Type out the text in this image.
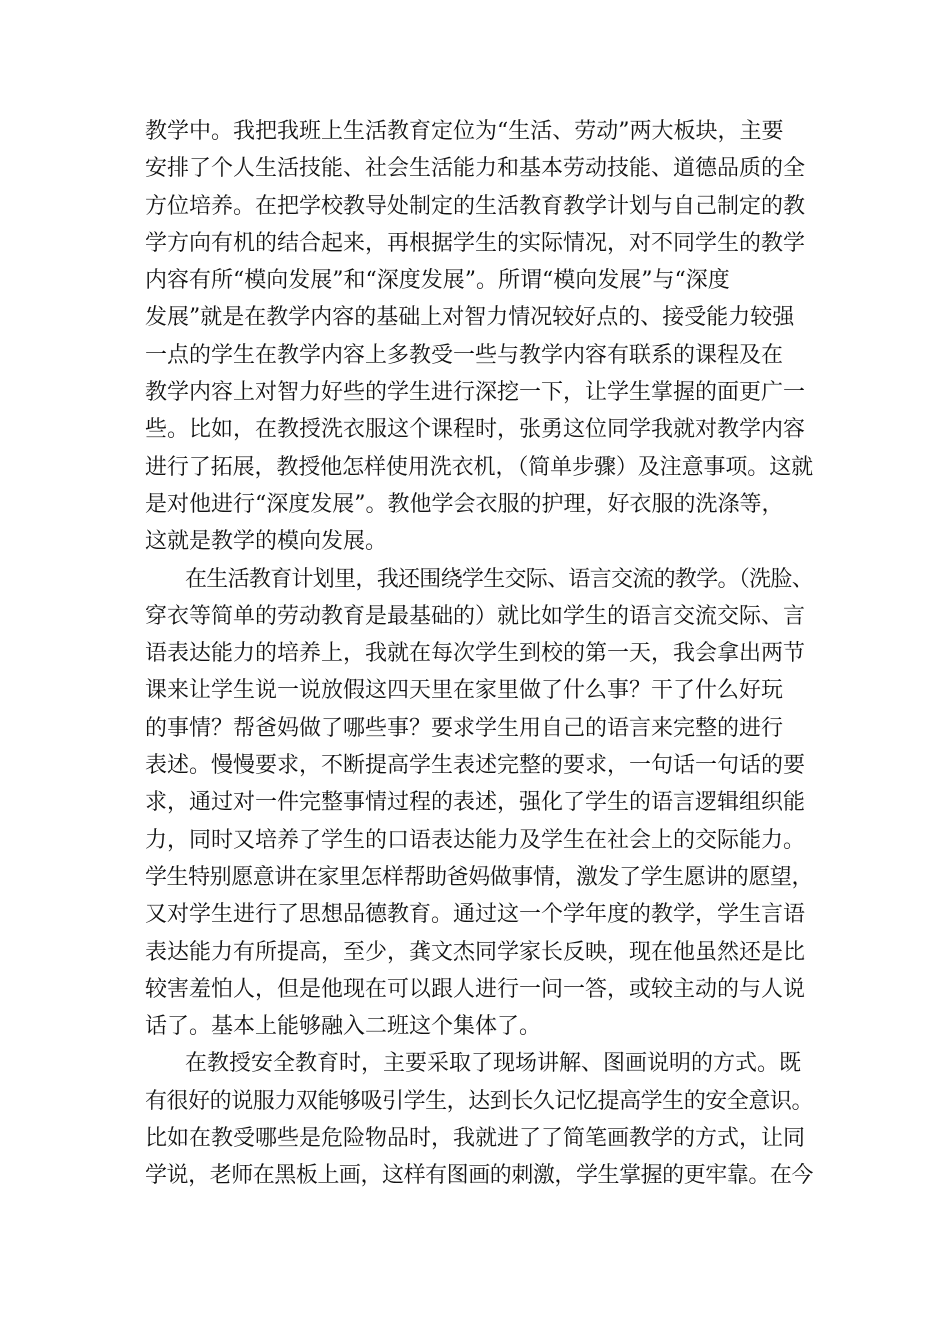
教学中。我把我班上生活教育定位为“生活、劳动”两大板块，主要
安排了个人生活技能、社会生活能力和基本劳动技能、道德品质的全
方位培养。在把学校教导处制定的生活教育教学计划与自己制定的教
学方向有机的结合起来，再根据学生的实际情况，对不同学生的教学
内容有所“模向发展”和“深度发展”。所谓“模向发展”与“深度
发展”就是在教学内容的基础上对智力情况较好点的、接受能力较强
一点的学生在教学内容上多教受一些与教学内容有联系的课程及在
教学内容上对智力好些的学生进行深挖一下，让学生掌握的面更广一
些。比如，在教授洗衣服这个课程时，张勇这位同学我就对教学内容
进行了拓展，教授他怎样使用洗衣机，（简单步骤）及注意事项。这就
是对他进行“深度发展”。教他学会衣服的护理，好衣服的洗涤等，
这就是教学的模向发展。
在生活教育计划里，我还围绕学生交际、语言交流的教学。（洗脸、
穿衣等简单的劳动教育是最基础的）就比如学生的语言交流交际、言
语表达能力的培养上，我就在每次学生到校的第一天，我会拿出两节
课来让学生说一说放假这四天里在家里做了什么事？干了什么好玩
的事情？帮爸妈做了哪些事？要求学生用自己的语言来完整的进行
表述。慢慢要求，不断提高学生表述完整的要求，一句话一句话的要
求，通过对一件完整事情过程的表述，强化了学生的语言逻辑组织能
力，同时又培养了学生的口语表达能力及学生在社会上的交际能力。
学生特别愿意讲在家里怎样帮助爸妈做事情，激发了学生愿讲的愿望，
又对学生进行了思想品德教育。通过这一个学年度的教学，学生言语
表达能力有所提高，至少，龚文杰同学家长反映，现在他虽然还是比
较害羞怕人，但是他现在可以跟人进行一问一答，或较主动的与人说
话了。基本上能够融入二班这个集体了。
在教授安全教育时，主要采取了现场讲解、图画说明的方式。既
有很好的说服力双能够吸引学生，达到长久记忆提高学生的安全意识。
比如在教受哪些是危险物品时，我就进了了简笔画教学的方式，让同
学说，老师在黑板上画，这样有图画的刺激，学生掌握的更牢靠。在今
